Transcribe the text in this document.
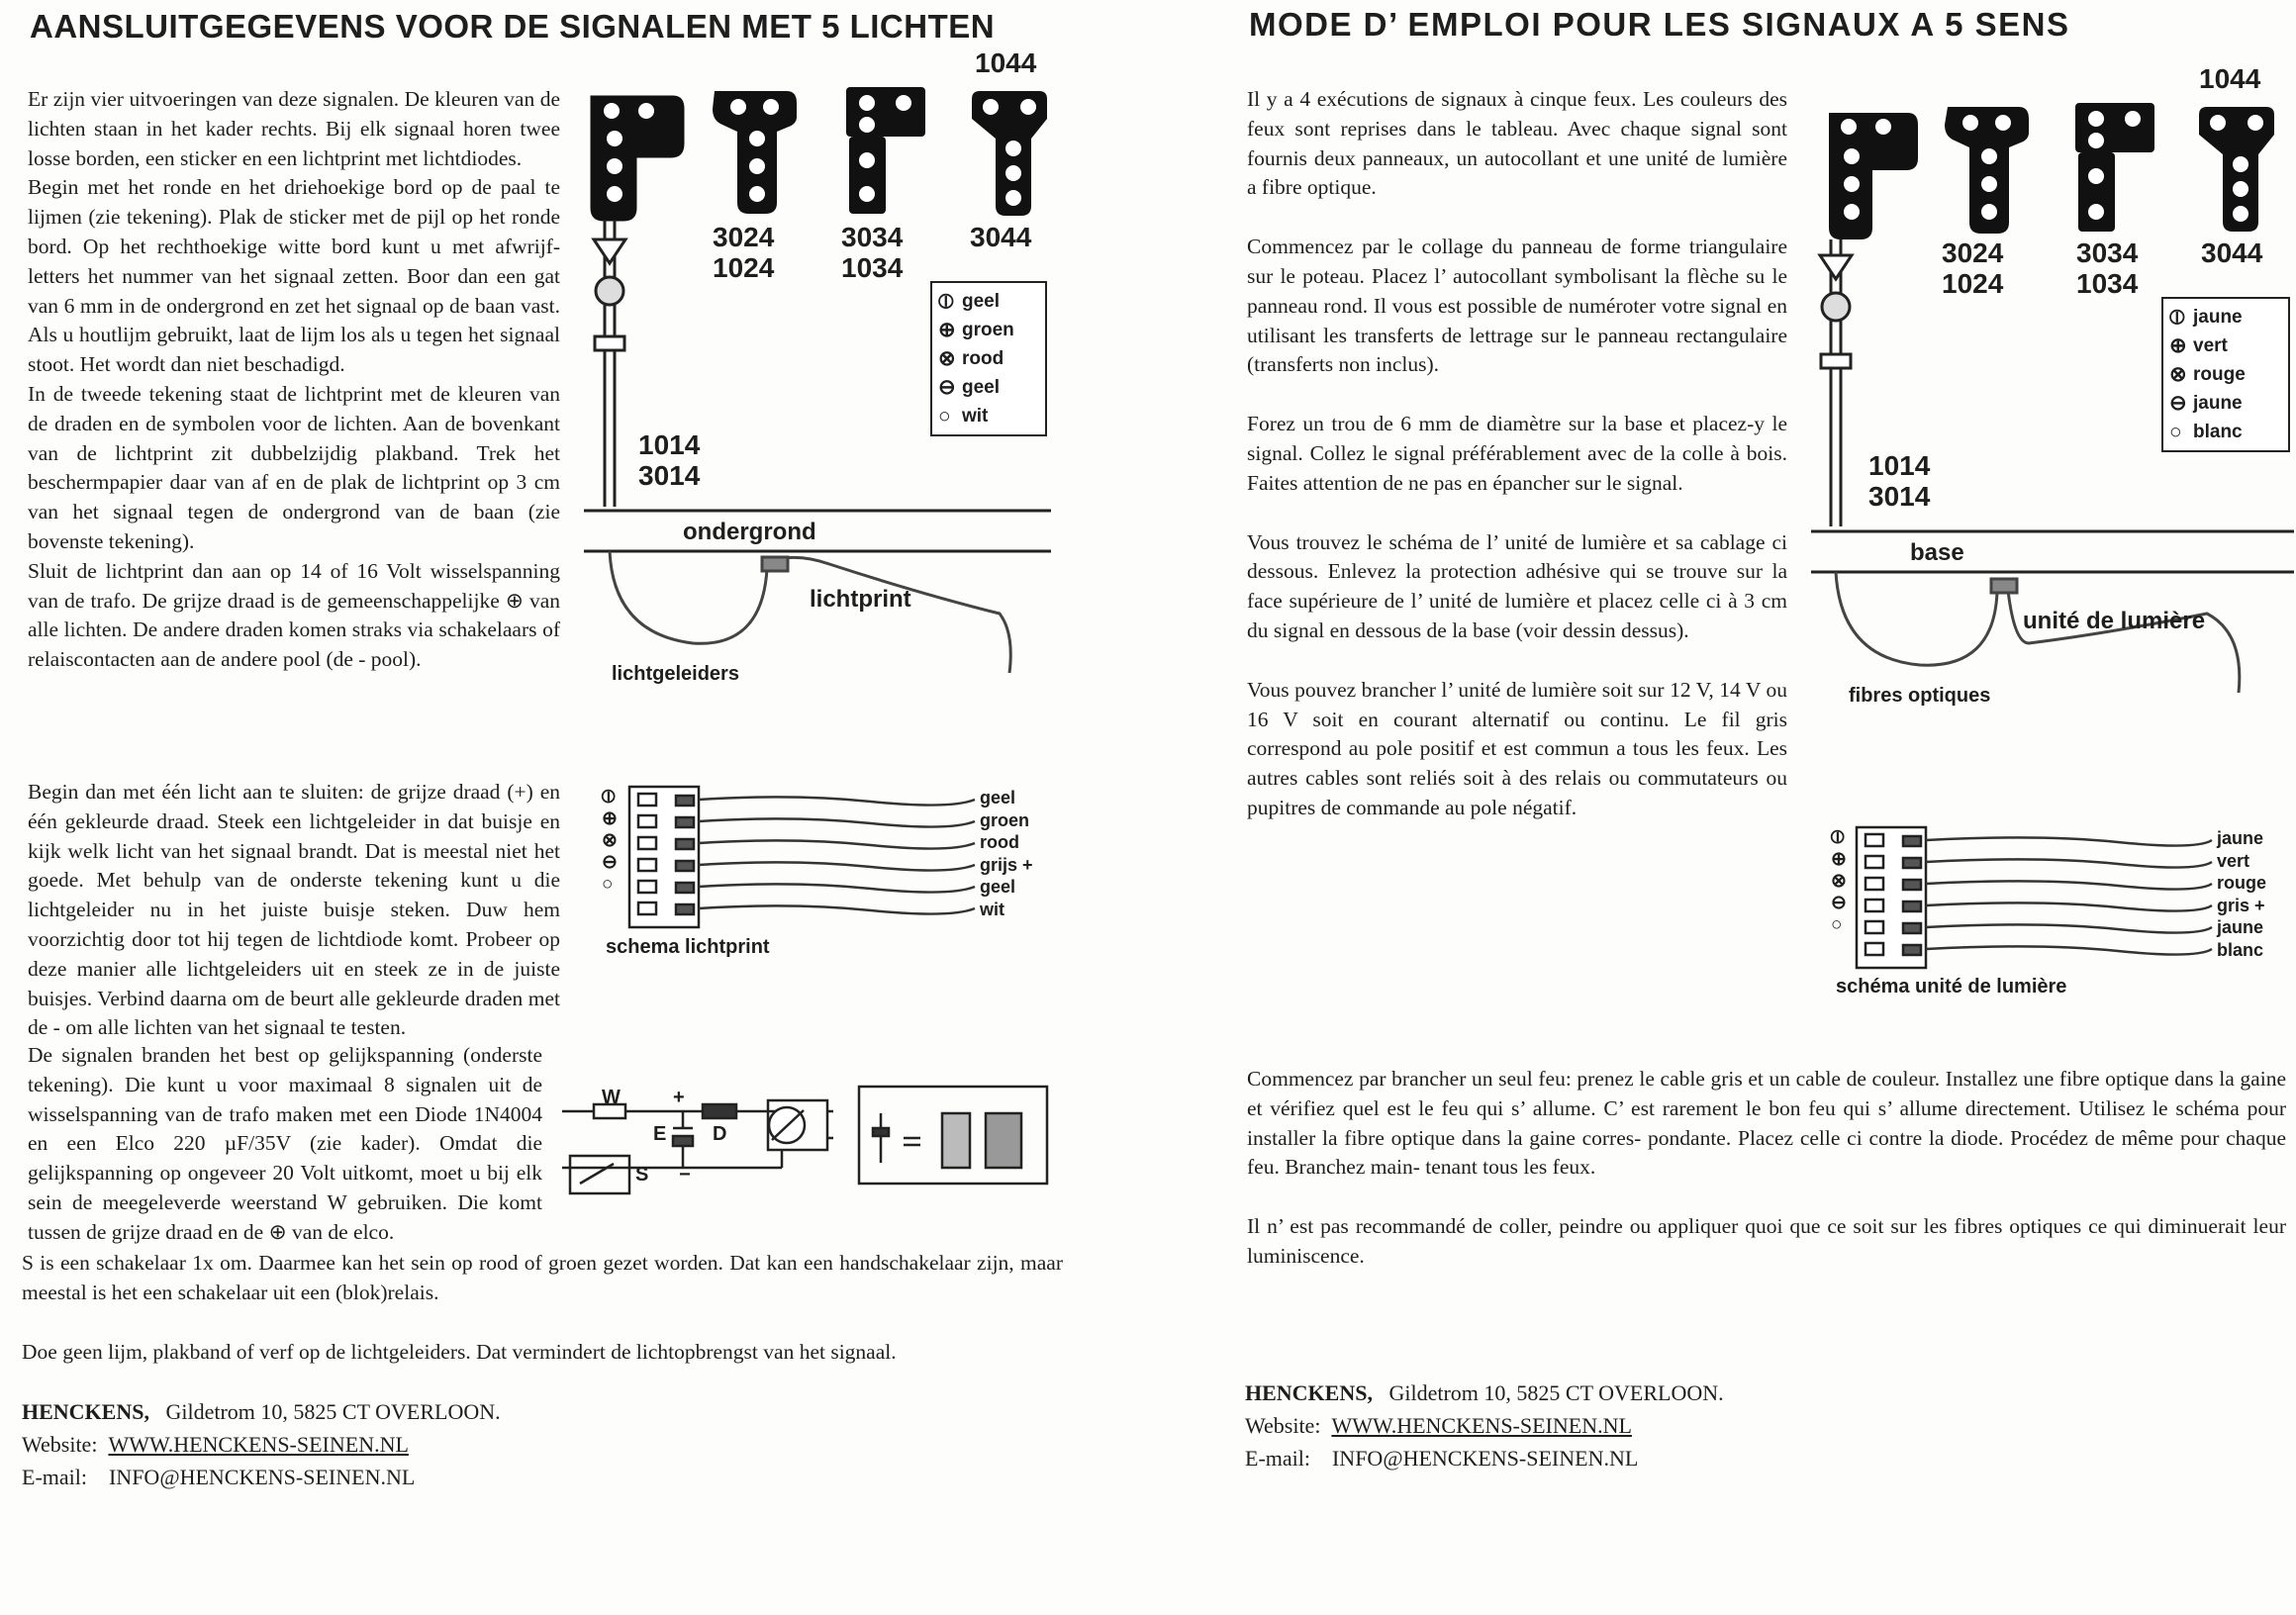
AANSLUITGEGEVENS VOOR DE SIGNALEN MET 5 LICHTEN

Er zijn vier uitvoeringen van deze signalen. De kleuren van de lichten staan in het kader rechts. Bij elk signaal horen twee losse borden, een sticker en een lichtprint met lichtdiodes.

Begin met het ronde en het driehoekige bord op de paal te lijmen (zie tekening). Plak de sticker met de pijl op het ronde bord. Op het rechthoekige witte bord kunt u met afwrijf-letters het nummer van het signaal zetten. Boor dan een gat van 6 mm in de ondergrond en zet het signaal op de baan vast. Als u houtlijm gebruikt, laat de lijm los als u tegen het signaal stoot. Het wordt dan niet beschadigd.

In de tweede tekening staat de lichtprint met de kleuren van de draden en de symbolen voor de lichten. Aan de bovenkant van de lichtprint zit dubbelzijdig plakband. Trek het beschermpapier daar van af en de plak de lichtprint op 3 cm van het signaal tegen de ondergrond van de baan (zie bovenste tekening).

Sluit de lichtprint dan aan op 14 of 16 Volt wisselspanning van de trafo. De grijze draad is de gemeenschappelijke ⊕ van alle lichten. De andere draden komen straks via schakelaars of relaiscontacten aan de andere pool (de - pool).

Begin dan met één licht aan te sluiten: de grijze draad (+) en één gekleurde draad. Steek een lichtgeleider in dat buisje en kijk welk licht van het signaal brandt. Dat is meestal niet het goede. Met behulp van de onderste tekening kunt u die lichtgeleider nu in het juiste buisje steken. Duw hem voorzichtig door tot hij tegen de lichtdiode komt. Probeer op deze manier alle lichtgeleiders uit en steek ze in de juiste buisjes. Verbind daarna om de beurt alle gekleurde draden met de - om alle lichten van het signaal te testen.

De signalen branden het best op gelijkspanning (onderste tekening). Die kunt u voor maximaal 8 signalen uit de wisselspanning van de trafo maken met een Diode 1N4004 en een Elco 220 µF/35V (zie kader). Omdat die gelijkspanning op ongeveer 20 Volt uitkomt, moet u bij elk sein de meegeleverde weerstand W gebruiken. Die komt tussen de grijze draad en de ⊕ van de elco.

S is een schakelaar 1x om. Daarmee kan het sein op rood of groen gezet worden. Dat kan een handschakelaar zijn, maar meestal is het een schakelaar uit een (blok)relais.

Doe geen lijm, plakband of verf op de lichtgeleiders. Dat vermindert de lichtopbrengst van het signaal.

1044
3024
1024
3034
1034
3044
1014
3014
⦶ geel
⊕ groen
⊗ rood
⊖ geel
○ wit
ondergrond
lichtprint
lichtgeleiders
⦶
⊕
⊗
⊖
○
geel
groen
rood
grijs +
geel
wit
schema lichtprint
W	+
E D
S −
HENCKENS, Gildetrom 10, 5825 CT OVERLOON.
Website: WWW.HENCKENS-SEINEN.NL
E-mail: INFO@HENCKENS-SEINEN.NL
MODE D’ EMPLOI POUR LES SIGNAUX A 5 SENS

Il y a 4 exécutions de signaux à cinque feux. Les couleurs des feux sont reprises dans le tableau. Avec chaque signal sont fournis deux panneaux, un autocollant et une unité de lumière a fibre optique.

Commencez par le collage du panneau de forme triangulaire sur le poteau. Placez l’ autocollant symbolisant la flèche su le panneau rond. Il vous est possible de numéroter votre signal en utilisant les transferts de lettrage sur le panneau rectangulaire (transferts non inclus).

Forez un trou de 6 mm de diamètre sur la base et placez-y le signal. Collez le signal préférablement avec de la colle à bois. Faites attention de ne pas en épancher sur le signal.

Vous trouvez le schéma de l’ unité de lumière et sa cablage ci dessous. Enlevez la protection adhésive qui se trouve sur la face supérieure de l’ unité de lumière et placez celle ci à 3 cm du signal en dessous de la base (voir dessin dessus).

Vous pouvez brancher l’ unité de lumière soit sur 12 V, 14 V ou 16 V soit en courant alternatif ou continu. Le fil gris correspond au pole positif et est commun a tous les feux. Les autres cables sont reliés soit à des relais ou commutateurs ou pupitres de commande au pole négatif.

Commencez par brancher un seul feu: prenez le cable gris et un cable de couleur. Installez une fibre optique dans la gaine et vérifiez quel est le feu qui s’ allume. C’ est rarement le bon feu qui s’ allume directement. Utilisez le schéma pour installer la fibre optique dans la gaine corres- pondante. Placez celle ci contre la diode. Procédez de même pour chaque feu. Branchez main- tenant tous les feux.

Il n’ est pas recommandé de coller, peindre ou appliquer quoi que ce soit sur les fibres optiques ce qui diminuerait leur luminiscence.

1044
3024
1024
3034
1034
3044
1014
3014
⦶ jaune
⊕ vert
⊗ rouge
⊖ jaune
○ blanc
base
unité de lumière
fibres optiques
⦶
⊕
⊗
⊖
○
jaune
vert
rouge
gris +
jaune
blanc
schéma unité de lumière
HENCKENS, Gildetrom 10, 5825 CT OVERLOON.
Website: WWW.HENCKENS-SEINEN.NL
E-mail: INFO@HENCKENS-SEINEN.NL
